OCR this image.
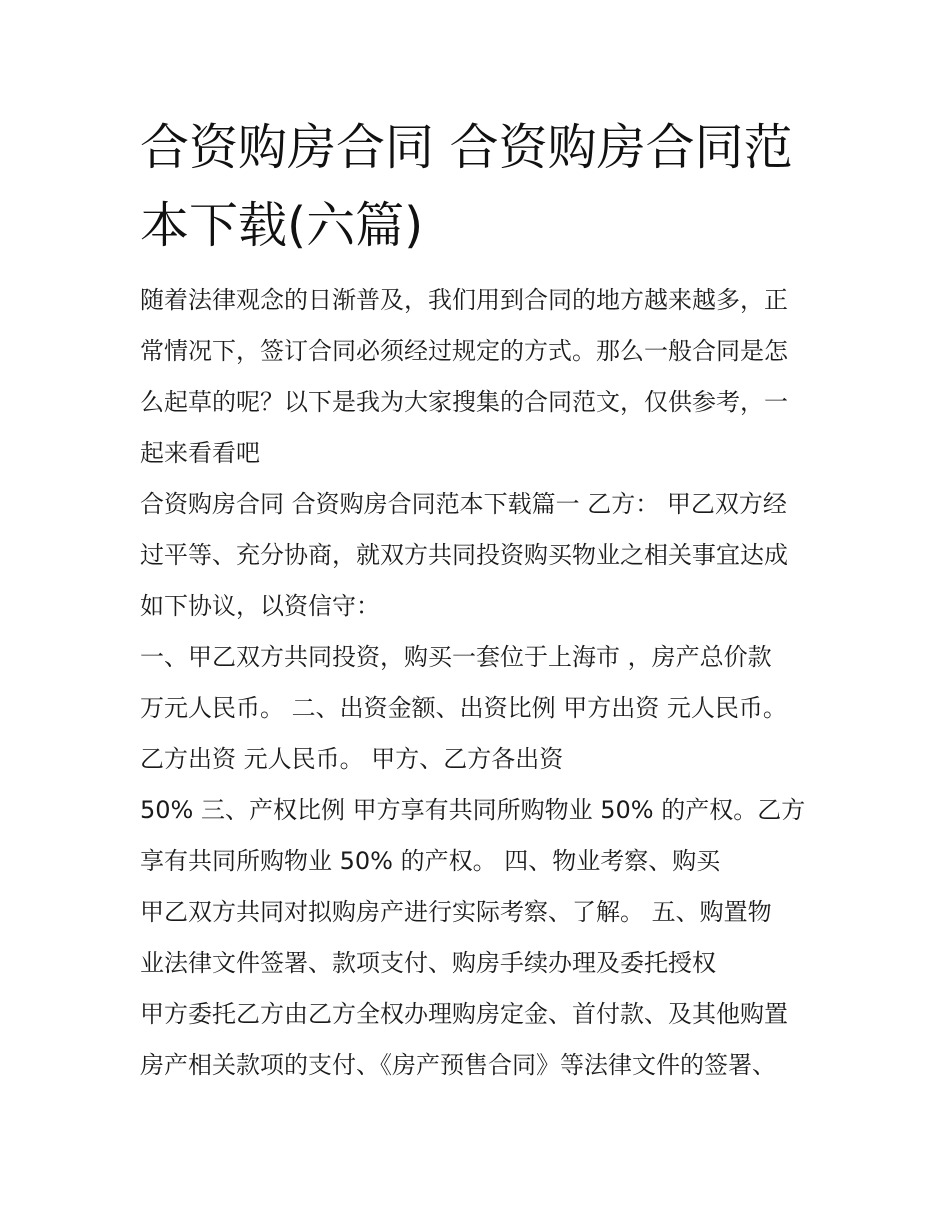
合资购房合同 合资购房合同范
本下载(六篇)

随着法律观念的日渐普及，我们用到合同的地方越来越多，正

常情况下，签订合同必须经过规定的方式。那么一般合同是怎

么起草的呢？以下是我为大家搜集的合同范文，仅供参考，一

起来看看吧

合资购房合同 合资购房合同范本下载篇一 乙方： 甲乙双方经

过平等、充分协商，就双方共同投资购买物业之相关事宜达成

如下协议，以资信守：

一、甲乙双方共同投资，购买一套位于上海市 ，房产总价款

万元人民币。 二、出资金额、出资比例 甲方出资 元人民币。

乙方出资 元人民币。 甲方、乙方各出资

50% 三、产权比例 甲方享有共同所购物业 50% 的产权。乙方

享有共同所购物业 50% 的产权。 四、物业考察、购买

甲乙双方共同对拟购房产进行实际考察、了解。 五、购置物

业法律文件签署、款项支付、购房手续办理及委托授权

甲方委托乙方由乙方全权办理购房定金、首付款、及其他购置

房产相关款项的支付、《房产预售合同》等法律文件的签署、
